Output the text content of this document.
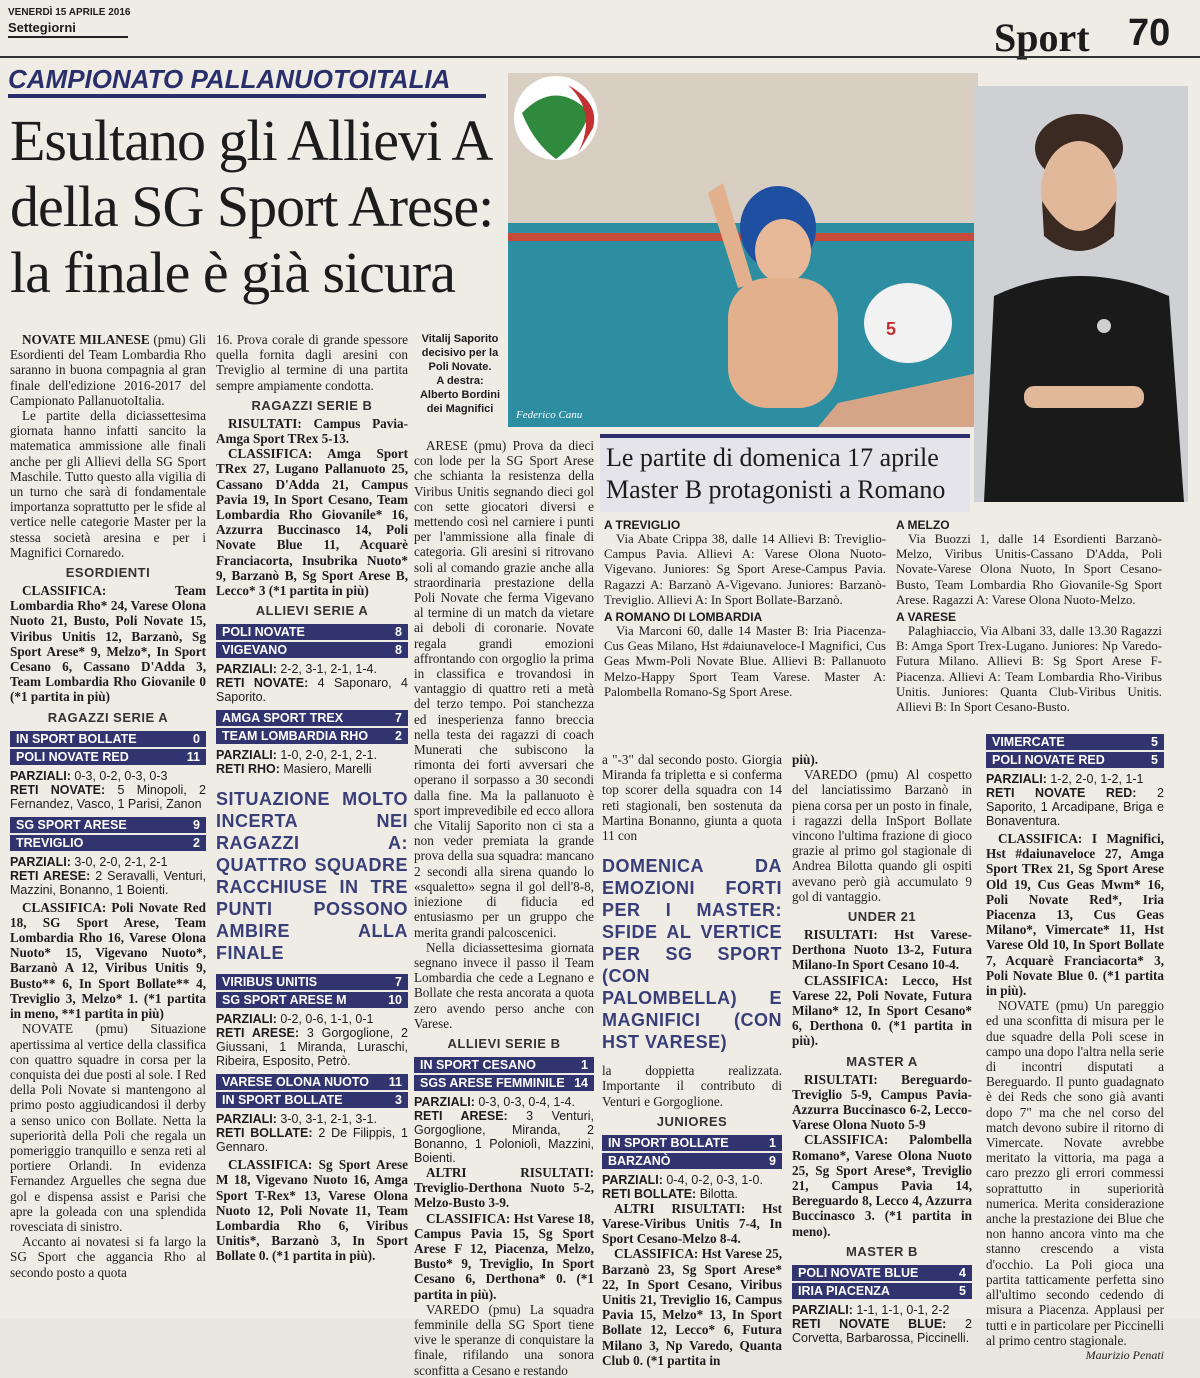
VENERDÌ 15 APRILE 2016
Settegiorni	Sport 70
CAMPIONATO PALLANUOTOITALIA
Esultano gli Allievi A della SG Sport Arese: la finale è già sicura
5
Federico Canu
Vitalij Saporito
decisivo per la
Poli Novate.
A destra:
Alberto Bordini
dei Magnifici

NOVATE MILANESE (pmu) Gli Esordienti del Team Lombardia Rho saranno in buona compagnia al gran finale dell'edizione 2016-2017 del Campionato PallanuotoItalia.

Le partite della diciassettesima giornata hanno infatti sancito la matematica ammissione alle finali anche per gli Allievi della SG Sport Maschile. Tutto questo alla vigilia di un turno che sarà di fondamentale importanza soprattutto per le sfide al vertice nelle categorie Master per la stessa società aresina e per i Magnifici Cornaredo.

ESORDIENTI

CLASSIFICA: Team Lombardia Rho* 24, Varese Olona Nuoto 21, Busto, Poli Novate 15, Viribus Unitis 12, Barzanò, Sg Sport Arese* 9, Melzo*, In Sport Cesano 6, Cassano D'Adda 3, Team Lombardia Rho Giovanile 0 (*1 partita in più)

RAGAZZI SERIE A
IN SPORT BOLLATE	0
POLI NOVATE RED	11
PARZIALI: 0-3, 0-2, 0-3, 0-3
RETI NOVATE: 5 Minopoli, 2 Fernandez, Vasco, 1 Parisi, Zanon
SG SPORT ARESE	9
TREVIGLIO	2
PARZIALI: 3-0, 2-0, 2-1, 2-1
RETI ARESE: 2 Seravalli, Venturi, Mazzini, Bonanno, 1 Boienti.

CLASSIFICA: Poli Novate Red 18, SG Sport Arese, Team Lombardia Rho 16, Varese Olona Nuoto* 15, Vigevano Nuoto*, Barzanò A 12, Viribus Unitis 9, Busto** 6, In Sport Bollate** 4, Treviglio 3, Melzo* 1. (*1 partita in meno, **1 partita in più)

NOVATE (pmu) Situazione apertissima al vertice della classifica con quattro squadre in corsa per la conquista dei due posti al sole. I Red della Poli Novate si mantengono al primo posto aggiudicandosi il derby a senso unico con Bollate. Netta la superiorità della Poli che regala un pomeriggio tranquillo e senza reti al portiere Orlandi. In evidenza Fernandez Arguelles che segna due gol e dispensa assist e Parisi che apre la goleada con una splendida rovesciata di sinistro.

Accanto ai novatesi si fa largo la SG Sport che aggancia Rho al secondo posto a quota

16. Prova corale di grande spessore quella fornita dagli aresini con Treviglio al termine di una partita sempre ampiamente condotta.

RAGAZZI SERIE B

RISULTATI: Campus Pavia-Amga Sport TRex 5-13.

CLASSIFICA: Amga Sport TRex 27, Lugano Pallanuoto 25, Cassano D'Adda 21, Campus Pavia 19, In Sport Cesano, Team Lombardia Rho Giovanile* 16, Azzurra Buccinasco 14, Poli Novate Blue 11, Acquarè Franciacorta, Insubrika Nuoto* 9, Barzanò B, Sg Sport Arese B, Lecco* 3 (*1 partita in più)

ALLIEVI SERIE A
POLI NOVATE	8
VIGEVANO	8
PARZIALI: 2-2, 3-1, 2-1, 1-4.
RETI NOVATE: 4 Saponaro, 4 Saporito.
AMGA SPORT TREX	7
TEAM LOMBARDIA RHO 2
PARZIALI: 1-0, 2-0, 2-1, 2-1.
RETI RHO: Masiero, Marelli
SITUAZIONE MOLTO INCERTA NEI RAGAZZI A: QUATTRO SQUADRE RACCHIUSE IN TRE PUNTI POSSONO AMBIRE ALLA FINALE
VIRIBUS UNITIS	7
SG SPORT ARESE M	10
PARZIALI: 0-2, 0-6, 1-1, 0-1
RETI ARESE: 3 Gorgoglione, 2 Giussani, 1 Miranda, Luraschi, Ribeira, Esposito, Petrò.
VARESE OLONA NUOTO 11
IN SPORT BOLLATE	3
PARZIALI: 3-0, 3-1, 2-1, 3-1.
RETI BOLLATE: 2 De Filippis, 1 Gennaro.

CLASSIFICA: Sg Sport Arese M 18, Vigevano Nuoto 16, Amga Sport T-Rex* 13, Varese Olona Nuoto 12, Poli Novate 11, Team Lombardia Rho 6, Viribus Unitis*, Barzanò 3, In Sport Bollate 0. (*1 partita in più).

ARESE (pmu) Prova da dieci con lode per la SG Sport Arese che schianta la resistenza della Viribus Unitis segnando dieci gol con sette giocatori diversi e mettendo così nel carniere i punti per l'ammissione alla finale di categoria. Gli aresini si ritrovano soli al comando grazie anche alla straordinaria prestazione della Poli Novate che ferma Vigevano al termine di un match da vietare ai deboli di coronarie. Novate regala grandi emozioni affrontando con orgoglio la prima in classifica e trovandosi in vantaggio di quattro reti a metà del terzo tempo. Poi stanchezza ed inesperienza fanno breccia nella testa dei ragazzi di coach Munerati che subiscono la rimonta dei forti avversari che operano il sorpasso a 30 secondi dalla fine. Ma la pallanuoto è sport imprevedibile ed ecco allora che Vitalij Saporito non ci sta a non veder premiata la grande prova della sua squadra: mancano 2 secondi alla sirena quando lo «squaletto» segna il gol dell'8-8, iniezione di fiducia ed entusiasmo per un gruppo che merita grandi palcoscenici.

Nella diciassettesima giornata segnano invece il passo il Team Lombardia che cede a Legnano e Bollate che resta ancorata a quota zero avendo perso anche con Varese.

ALLIEVI SERIE B
IN SPORT CESANO	1
SGS ARESE FEMMINILE 14
PARZIALI: 0-3, 0-3, 0-4, 1-4.
RETI ARESE: 3 Venturi, Gorgoglione, Miranda, 2 Bonanno, 1 Poloniolì, Mazzini, Boienti.

ALTRI RISULTATI: Treviglio-Derthona Nuoto 5-2, Melzo-Busto 3-9.

CLASSIFICA: Hst Varese 18, Campus Pavia 15, Sg Sport Arese F 12, Piacenza, Melzo, Busto* 9, Treviglio, In Sport Cesano 6, Derthona* 0. (*1 partita in più).

VAREDO (pmu) La squadra femminile della SG Sport tiene vive le speranze di conquistare la finale, rifilando una sonora sconfitta a Cesano e restando

Le partite di domenica 17 aprile Master B protagonisti a Romano
A TREVIGLIO

Via Abate Crippa 38, dalle 14 Allievi B: Treviglio-Campus Pavia. Allievi A: Varese Olona Nuoto-Vigevano. Juniores: Sg Sport Arese-Campus Pavia. Ragazzi A: Barzanò A-Vigevano. Juniores: Barzanò-Treviglio. Allievi A: In Sport Bollate-Barzanò.

A ROMANO DI LOMBARDIA

Via Marconi 60, dalle 14 Master B: Iria Piacenza-Cus Geas Milano, Hst #daiunaveloce-I Magnifici, Cus Geas Mwm-Poli Novate Blue. Allievi B: Pallanuoto Melzo-Happy Sport Team Varese. Master A: Palombella Romano-Sg Sport Arese.

A MELZO

Via Buozzi 1, dalle 14 Esordienti Barzanò-Melzo, Viribus Unitis-Cassano D'Adda, Poli Novate-Varese Olona Nuoto, In Sport Cesano-Busto, Team Lombardia Rho Giovanile-Sg Sport Arese. Ragazzi A: Varese Olona Nuoto-Melzo.

A VARESE

Palaghiaccio, Via Albani 33, dalle 13.30 Ragazzi B: Amga Sport Trex-Lugano. Juniores: Np Varedo-Futura Milano. Allievi B: Sg Sport Arese F-Piacenza. Allievi A: Team Lombardia Rho-Viribus Unitis. Juniores: Quanta Club-Viribus Unitis. Allievi B: In Sport Cesano-Busto.

a "-3" dal secondo posto. Giorgia Miranda fa tripletta e si conferma top scorer della squadra con 14 reti stagionali, ben sostenuta da Martina Bonanno, giunta a quota 11 con

DOMENICA DA EMOZIONI FORTI PER I MASTER: SFIDE AL VERTICE PER SG SPORT (CON PALOMBELLA) E MAGNIFICI (CON HST VARESE)

la doppietta realizzata. Importante il contributo di Venturi e Gorgoglione.

JUNIORES
IN SPORT BOLLATE	1
BARZANÒ	9
PARZIALI: 0-4, 0-2, 0-3, 1-0.
RETI BOLLATE: Bilotta.

ALTRI RISULTATI: Hst Varese-Viribus Unitis 7-4, In Sport Cesano-Melzo 8-4.

CLASSIFICA: Hst Varese 25, Barzanò 23, Sg Sport Arese* 22, In Sport Cesano, Viribus Unitis 21, Treviglio 16, Campus Pavia 15, Melzo* 13, In Sport Bollate 12, Lecco* 6, Futura Milano 3, Np Varedo, Quanta Club 0. (*1 partita in

più).

VAREDO (pmu) Al cospetto del lanciatissimo Barzanò in piena corsa per un posto in finale, i ragazzi della InSport Bollate vincono l'ultima frazione di gioco grazie al primo gol stagionale di Andrea Bilotta quando gli ospiti avevano però già accumulato 9 gol di vantaggio.

UNDER 21

RISULTATI: Hst Varese-Derthona Nuoto 13-2, Futura Milano-In Sport Cesano 10-4.

CLASSIFICA: Lecco, Hst Varese 22, Poli Novate, Futura Milano* 12, In Sport Cesano* 6, Derthona 0. (*1 partita in più).

MASTER A

RISULTATI: Bereguardo-Treviglio 5-9, Campus Pavia-Azzurra Buccinasco 6-2, Lecco-Varese Olona Nuoto 5-9

CLASSIFICA: Palombella Romano*, Varese Olona Nuoto 25, Sg Sport Arese*, Treviglio 21, Campus Pavia 14, Bereguardo 8, Lecco 4, Azzurra Buccinasco 3. (*1 partita in meno).

MASTER B
POLI NOVATE BLUE	4
IRIA PIACENZA	5
PARZIALI: 1-1, 1-1, 0-1, 2-2
RETI NOVATE BLUE: 2 Corvetta, Barbarossa, Piccinelli.
VIMERCATE	5
POLI NOVATE RED	5
PARZIALI: 1-2, 2-0, 1-2, 1-1
RETI NOVATE RED: 2 Saporito, 1 Arcadipane, Briga e Bonaventura.

CLASSIFICA: I Magnifici, Hst #daiunaveloce 27, Amga Sport TRex 21, Sg Sport Arese Old 19, Cus Geas Mwm* 16, Poli Novate Red*, Iria Piacenza 13, Cus Geas Milano*, Vimercate* 11, Hst Varese Old 10, In Sport Bollate 7, Acquarè Franciacorta* 3, Poli Novate Blue 0. (*1 partita in più).

NOVATE (pmu) Un pareggio ed una sconfitta di misura per le due squadre della Poli scese in campo una dopo l'altra nella serie di incontri disputati a Bereguardo. Il punto guadagnato è dei Reds che sono già avanti dopo 7" ma che nel corso del match devono subire il ritorno di Vimercate. Novate avrebbe meritato la vittoria, ma paga a caro prezzo gli errori commessi soprattutto in superiorità numerica. Merita considerazione anche la prestazione dei Blue che non hanno ancora vinto ma che stanno crescendo a vista d'occhio. La Poli gioca una partita tatticamente perfetta sino all'ultimo secondo cedendo di misura a Piacenza. Applausi per tutti e in particolare per Piccinelli al primo centro stagionale.

Maurizio Penati
